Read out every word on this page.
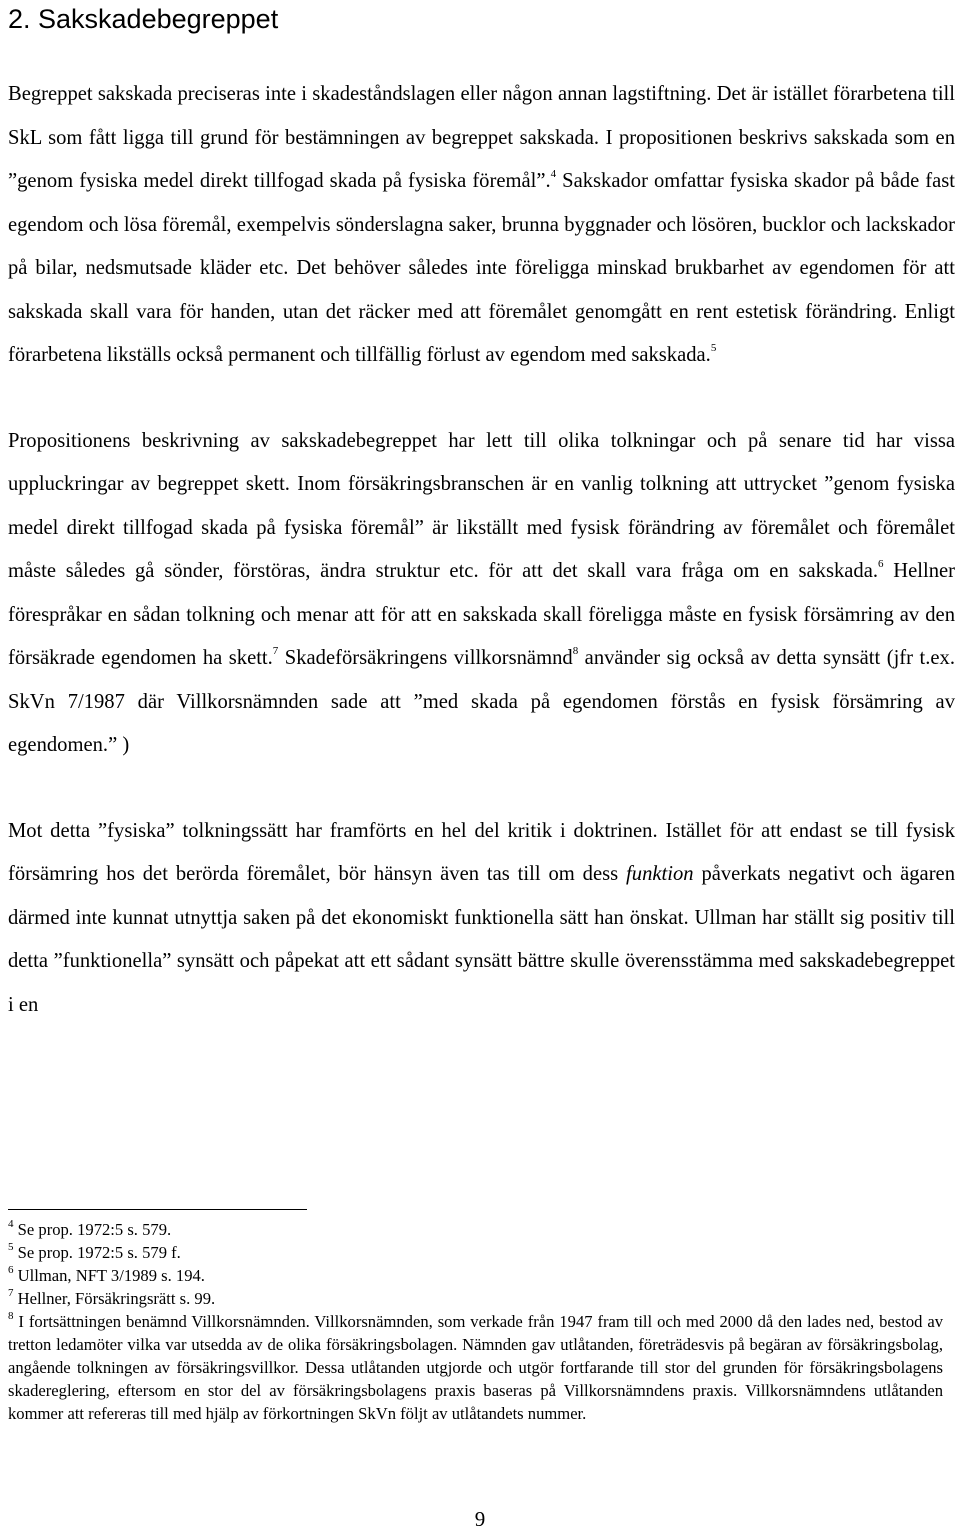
2. Sakskadebegreppet

Begreppet sakskada preciseras inte i skadeståndslagen eller någon annan lagstiftning. Det är istället förarbetena till SkL som fått ligga till grund för bestämningen av begreppet sakskada. I propositionen beskrivs sakskada som en ”genom fysiska medel direkt tillfogad skada på fysiska föremål”.$^4$ Sakskador omfattar fysiska skador på både fast egendom och lösa föremål, exempelvis sönderslagna saker, brunna byggnader och lösören, bucklor och lackskador på bilar, nedsmutsade kläder etc. Det behöver således inte föreligga minskad brukbarhet av egendomen för att sakskada skall vara för handen, utan det räcker med att föremålet genomgått en rent estetisk förändring. Enligt förarbetena likställs också permanent och tillfällig förlust av egendom med sakskada.$^5$

Propositionens beskrivning av sakskadebegreppet har lett till olika tolkningar och på senare tid har vissa uppluckringar av begreppet skett. Inom försäkringsbranschen är en vanlig tolkning att uttrycket ”genom fysiska medel direkt tillfogad skada på fysiska föremål” är likställt med fysisk förändring av föremålet och föremålet måste således gå sönder, förstöras, ändra struktur etc. för att det skall vara fråga om en sakskada.$^6$ Hellner förespråkar en sådan tolkning och menar att för att en sakskada skall föreligga måste en fysisk försämring av den försäkrade egendomen ha skett.$^7$ Skadeförsäkringens villkorsnämnd$^8$ använder sig också av detta synsätt (jfr t.ex. SkVn 7/1987 där Villkorsnämnden sade att ”med skada på egendomen förstås en fysisk försämring av egendomen.” )

Mot detta ”fysiska” tolkningssätt har framförts en hel del kritik i doktrinen. Istället för att endast se till fysisk försämring hos det berörda föremålet, bör hänsyn även tas till om dess funktion påverkats negativt och ägaren därmed inte kunnat utnyttja saken på det ekonomiskt funktionella sätt han önskat. Ullman har ställt sig positiv till detta ”funktionella” synsätt och påpekat att ett sådant synsätt bättre skulle överensstämma med sakskadebegreppet i en

$^4$ Se prop. 1972:5 s. 579.

$^5$ Se prop. 1972:5 s. 579 f.

$^6$ Ullman, NFT 3/1989 s. 194.

$^7$ Hellner, Försäkringsrätt s. 99.

$^8$ I fortsättningen benämnd Villkorsnämnden. Villkorsnämnden, som verkade från 1947 fram till och med 2000 då den lades ned, bestod av tretton ledamöter vilka var utsedda av de olika försäkringsbolagen. Nämnden gav utlåtanden, företrädesvis på begäran av försäkringsbolag, angående tolkningen av försäkringsvillkor. Dessa utlåtanden utgjorde och utgör fortfarande till stor del grunden för försäkringsbolagens skadereglering, eftersom en stor del av försäkringsbolagens praxis baseras på Villkorsnämndens praxis. Villkorsnämndens utlåtanden kommer att refereras till med hjälp av förkortningen SkVn följt av utlåtandets nummer.

9
